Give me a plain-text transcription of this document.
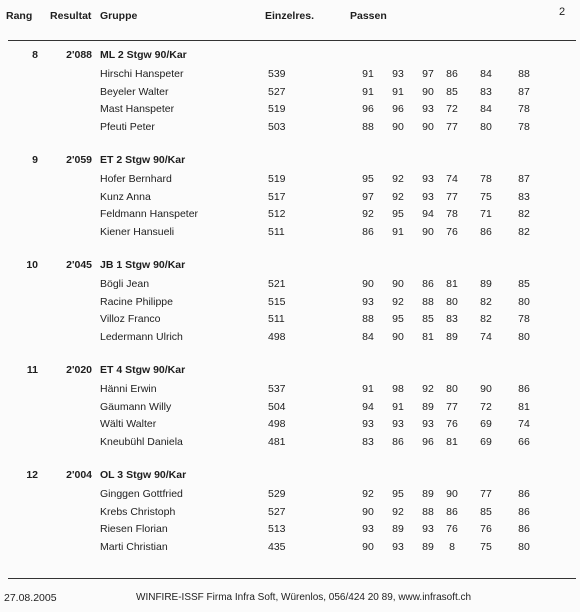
Rang Resultat Gruppe	Einzelres.	Passen	2
8	2'088 ML 2 Stgw 90/Kar
Hirschi Hanspeter	539	91 93 97 86 84	88
Beyeler Walter	527	91 91 90 85 83	87
Mast Hanspeter	519	96 96 93 72 84	78
Pfeuti Peter	503	88 90 90 77 80	78
9	2'059 ET 2 Stgw 90/Kar
Hofer Bernhard	519	95 92 93 74 78	87
Kunz Anna	517	97 92 93 77 75	83
Feldmann Hanspeter	512	92 95 94 78 71	82
Kiener Hansueli	511	86 91 90 76 86	82
10	2'045 JB 1 Stgw 90/Kar
Bögli Jean	521	90 90 86 81 89	85
Racine Philippe	515	93 92 88 80 82	80
Villoz Franco	511	88 95 85 83 82	78
Ledermann Ulrich	498	84 90 81 89 74	80
11	2'020 ET 4 Stgw 90/Kar
Hänni Erwin	537	91 98 92 80 90	86
Gäumann Willy	504	94 91 89 77 72	81
Wälti Walter	498	93 93 93 76 69	74
Kneubühl Daniela	481	83 86 96 81 69	66
12	2'004 OL 3 Stgw 90/Kar
Ginggen Gottfried	529	92 95 89 90 77	86
Krebs Christoph	527	90 92 88 86 85	86
Riesen Florian	513	93 89 93 76 76	86
Marti Christian	435	90 93 89	8	75	80
27.08.2005	WINFIRE-ISSF Firma Infra Soft, Würenlos, 056/424 20 89, www.infrasoft.ch
